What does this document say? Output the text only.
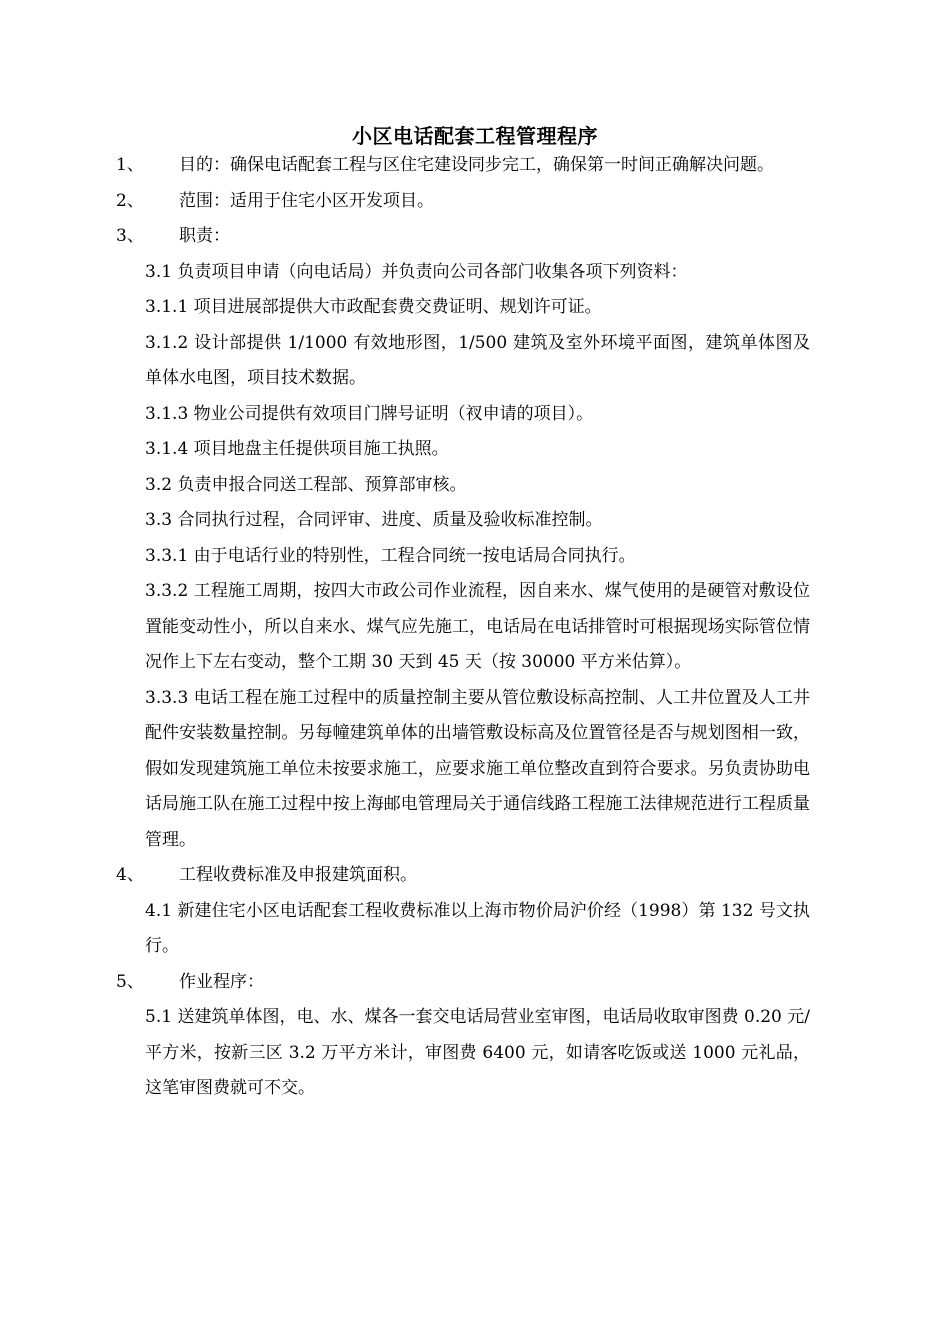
小区电话配套工程管理程序

1、 目的：确保电话配套工程与区住宅建设同步完工，确保第一时间正确解决问题。

2、 范围：适用于住宅小区开发项目。

3、 职责：

3.1 负责项目申请（向电话局）并负责向公司各部门收集各项下列资料：

3.1.1 项目进展部提供大市政配套费交费证明、规划许可证。

3.1.2 设计部提供 1/1000 有效地形图，1/500 建筑及室外环境平面图，建筑单体图及单体水电图，项目技术数据。

3.1.3 物业公司提供有效项目门牌号证明（衩申请的项目）。

3.1.4 项目地盘主任提供项目施工执照。

3.2 负责申报合同送工程部、预算部审核。

3.3 合同执行过程，合同评审、进度、质量及验收标准控制。

3.3.1 由于电话行业的特别性，工程合同统一按电话局合同执行。

3.3.2 工程施工周期，按四大市政公司作业流程，因自来水、煤气使用的是硬管对敷设位置能变动性小，所以自来水、煤气应先施工，电话局在电话排管时可根据现场实际管位情况作上下左右变动，整个工期 30 天到 45 天（按 30000 平方米估算）。

3.3.3 电话工程在施工过程中的质量控制主要从管位敷设标高控制、人工井位置及人工井配件安装数量控制。另每幢建筑单体的出墙管敷设标高及位置管径是否与规划图相一致，假如发现建筑施工单位未按要求施工，应要求施工单位整改直到符合要求。另负责协助电话局施工队在施工过程中按上海邮电管理局关于通信线路工程施工法律规范进行工程质量管理。

4、 工程收费标准及申报建筑面积。

4.1 新建住宅小区电话配套工程收费标准以上海市物价局沪价经（1998）第 132 号文执行。

5、 作业程序：

5.1 送建筑单体图，电、水、煤各一套交电话局营业室审图，电话局收取审图费 0.20 元/平方米，按新三区 3.2 万平方米计，审图费 6400 元，如请客吃饭或送 1000 元礼品，这笔审图费就可不交。
